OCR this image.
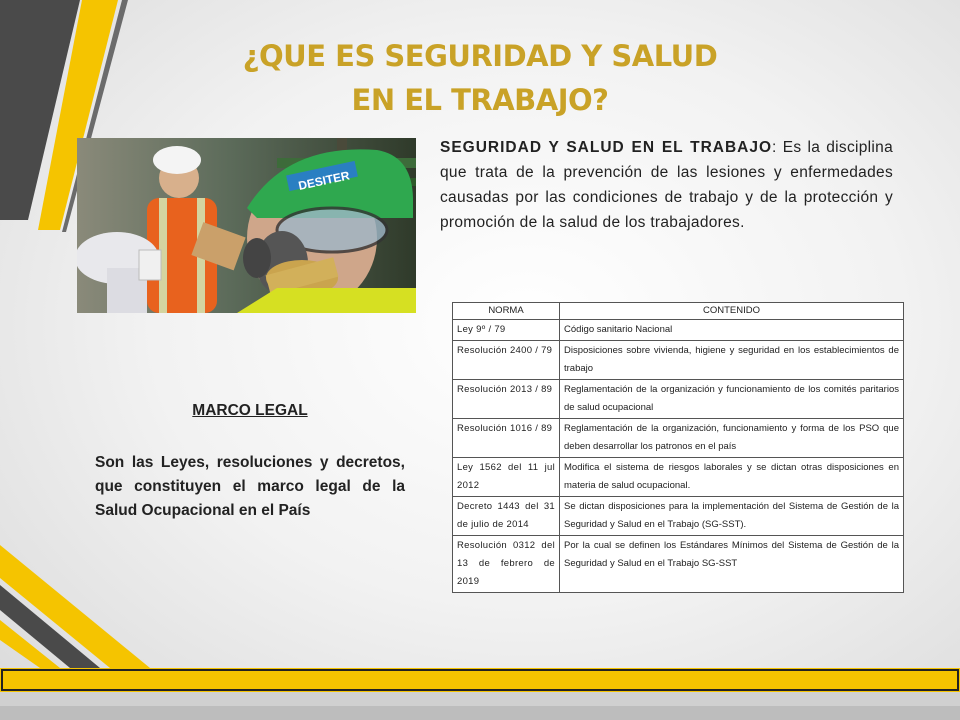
¿QUE ES SEGURIDAD Y SALUD
EN EL TRABAJO?
DESITER
SEGURIDAD Y SALUD EN EL TRABAJO: Es la disciplina que trata de la prevención de las lesiones y enfermedades causadas por las condiciones de trabajo y de la protección y promoción de la salud de los trabajadores.
MARCO LEGAL
Son las Leyes, resoluciones y decretos, que constituyen el marco legal de la Salud Ocupacional en el País
NORMA	CONTENIDO
Ley 9º / 79	Código sanitario Nacional
Resolución 2400 / 79	Disposiciones sobre vivienda, higiene y seguridad en los establecimientos de trabajo
Resolución 2013 / 89	Reglamentación de la organización y funcionamiento de los comités paritarios de salud ocupacional
Resolución 1016 / 89	Reglamentación de la organización, funcionamiento y forma de los PSO que deben desarrollar los patronos en el país
Ley 1562 del 11 jul 2012	Modifica el sistema de riesgos laborales y se dictan otras disposiciones en materia de salud ocupacional.
Decreto 1443 del 31 de julio de 2014	Se dictan disposiciones para la implementación del Sistema de Gestión de la Seguridad y Salud en el Trabajo (SG-SST).
Resolución 0312 del 13 de febrero de 2019	Por la cual se definen los Estándares Mínimos del Sistema de Gestión de la Seguridad y Salud en el Trabajo SG-SST
